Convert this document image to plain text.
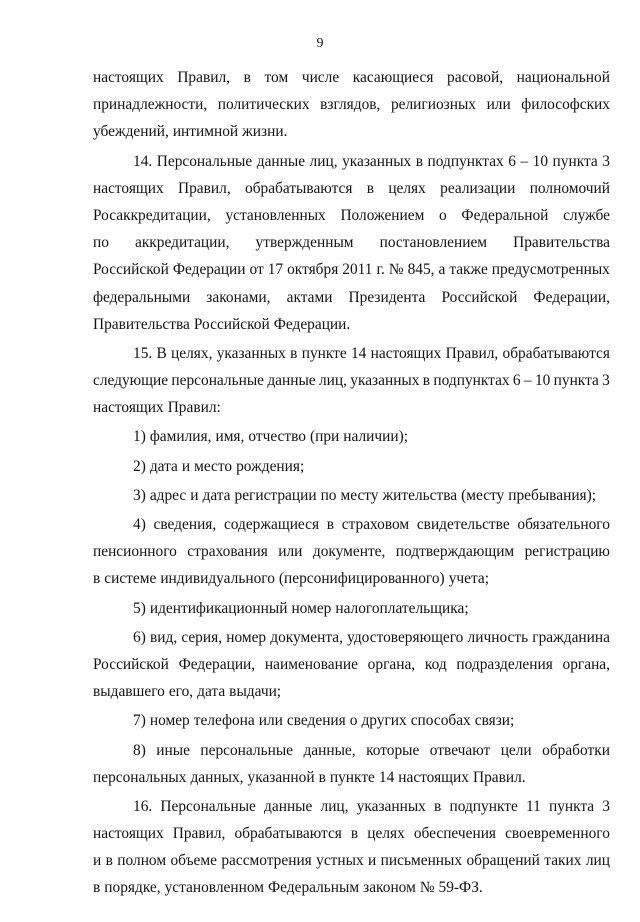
9
настоящих Правил, в том числе касающиеся расовой, национальной
принадлежности, политических взглядов, религиозных или философских
убеждений, интимной жизни.
14. Персональные данные лиц, указанных в подпунктах 6 – 10 пункта 3
настоящих Правил, обрабатываются в целях реализации полномочий
Росаккредитации, установленных Положением о Федеральной службе
по аккредитации, утвержденным постановлением Правительства
Российской Федерации от 17 октября 2011 г. № 845, а также предусмотренных
федеральными законами, актами Президента Российской Федерации,
Правительства Российской Федерации.
15. В целях, указанных в пункте 14 настоящих Правил, обрабатываются
следующие персональные данные лиц, указанных в подпунктах 6 – 10 пункта 3
настоящих Правил:
1) фамилия, имя, отчество (при наличии);
2) дата и место рождения;
3) адрес и дата регистрации по месту жительства (месту пребывания);
4) сведения, содержащиеся в страховом свидетельстве обязательного
пенсионного страхования или документе, подтверждающим регистрацию
в системе индивидуального (персонифицированного) учета;
5) идентификационный номер налогоплательщика;
6) вид, серия, номер документа, удостоверяющего личность гражданина
Российской Федерации, наименование органа, код подразделения органа,
выдавшего его, дата выдачи;
7) номер телефона или сведения о других способах связи;
8) иные персональные данные, которые отвечают цели обработки
персональных данных, указанной в пункте 14 настоящих Правил.
16. Персональные данные лиц, указанных в подпункте 11 пункта 3
настоящих Правил, обрабатываются в целях обеспечения своевременного
и в полном объеме рассмотрения устных и письменных обращений таких лиц
в порядке, установленном Федеральным законом № 59-ФЗ.
